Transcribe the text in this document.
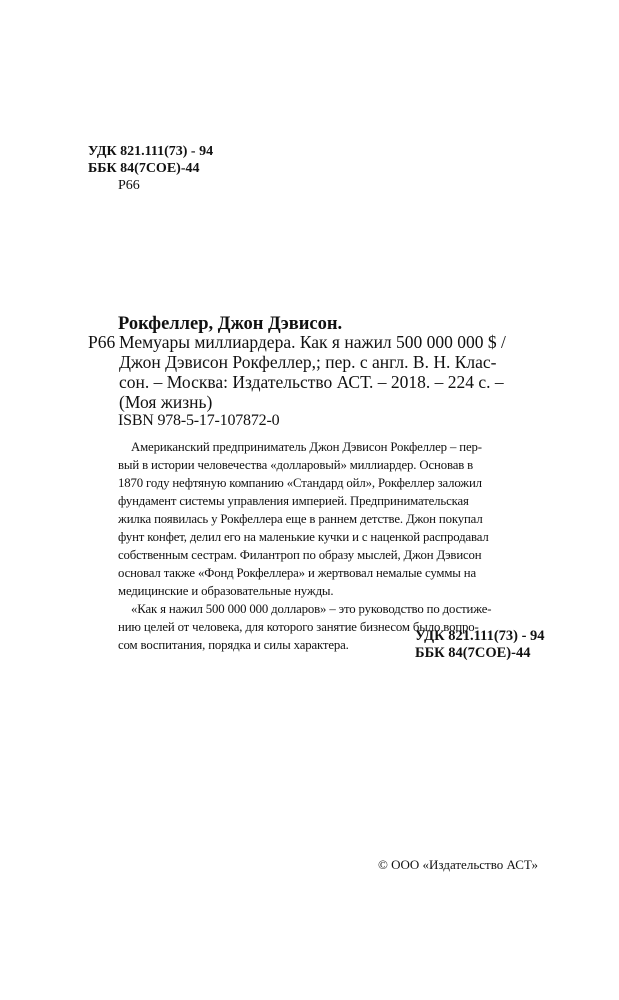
УДК 821.111(73) - 94
ББК 84(7СОЕ)-44
Р66
Рокфеллер, Джон Дэвисон.
Р66 Мемуары миллиардера. Как я нажил 500 000 000 $ /
Джон Дэвисон Рокфеллер,; пер. с англ. В. Н. Клас-
сон. – Москва: Издательство АСТ. – 2018. – 224 с. –
(Моя жизнь)
ISBN 978-5-17-107872-0
Американский предприниматель Джон Дэвисон Рокфеллер – пер-
вый в истории человечества «долларовый» миллиардер. Основав в
1870 году нефтяную компанию «Стандард ойл», Рокфеллер заложил
фундамент системы управления империей. Предпринимательская
жилка появилась у Рокфеллера еще в раннем детстве. Джон покупал
фунт конфет, делил его на маленькие кучки и с наценкой распродавал
собственным сестрам. Филантроп по образу мыслей, Джон Дэвисон
основал также «Фонд Рокфеллера» и жертвовал немалые суммы на
медицинские и образовательные нужды.
«Как я нажил 500 000 000 долларов» – это руководство по достиже-
нию целей от человека, для которого занятие бизнесом было вопро-
сом воспитания, порядка и силы характера.
УДК 821.111(73) - 94
ББК 84(7СОЕ)-44
© ООО «Издательство АСТ»
